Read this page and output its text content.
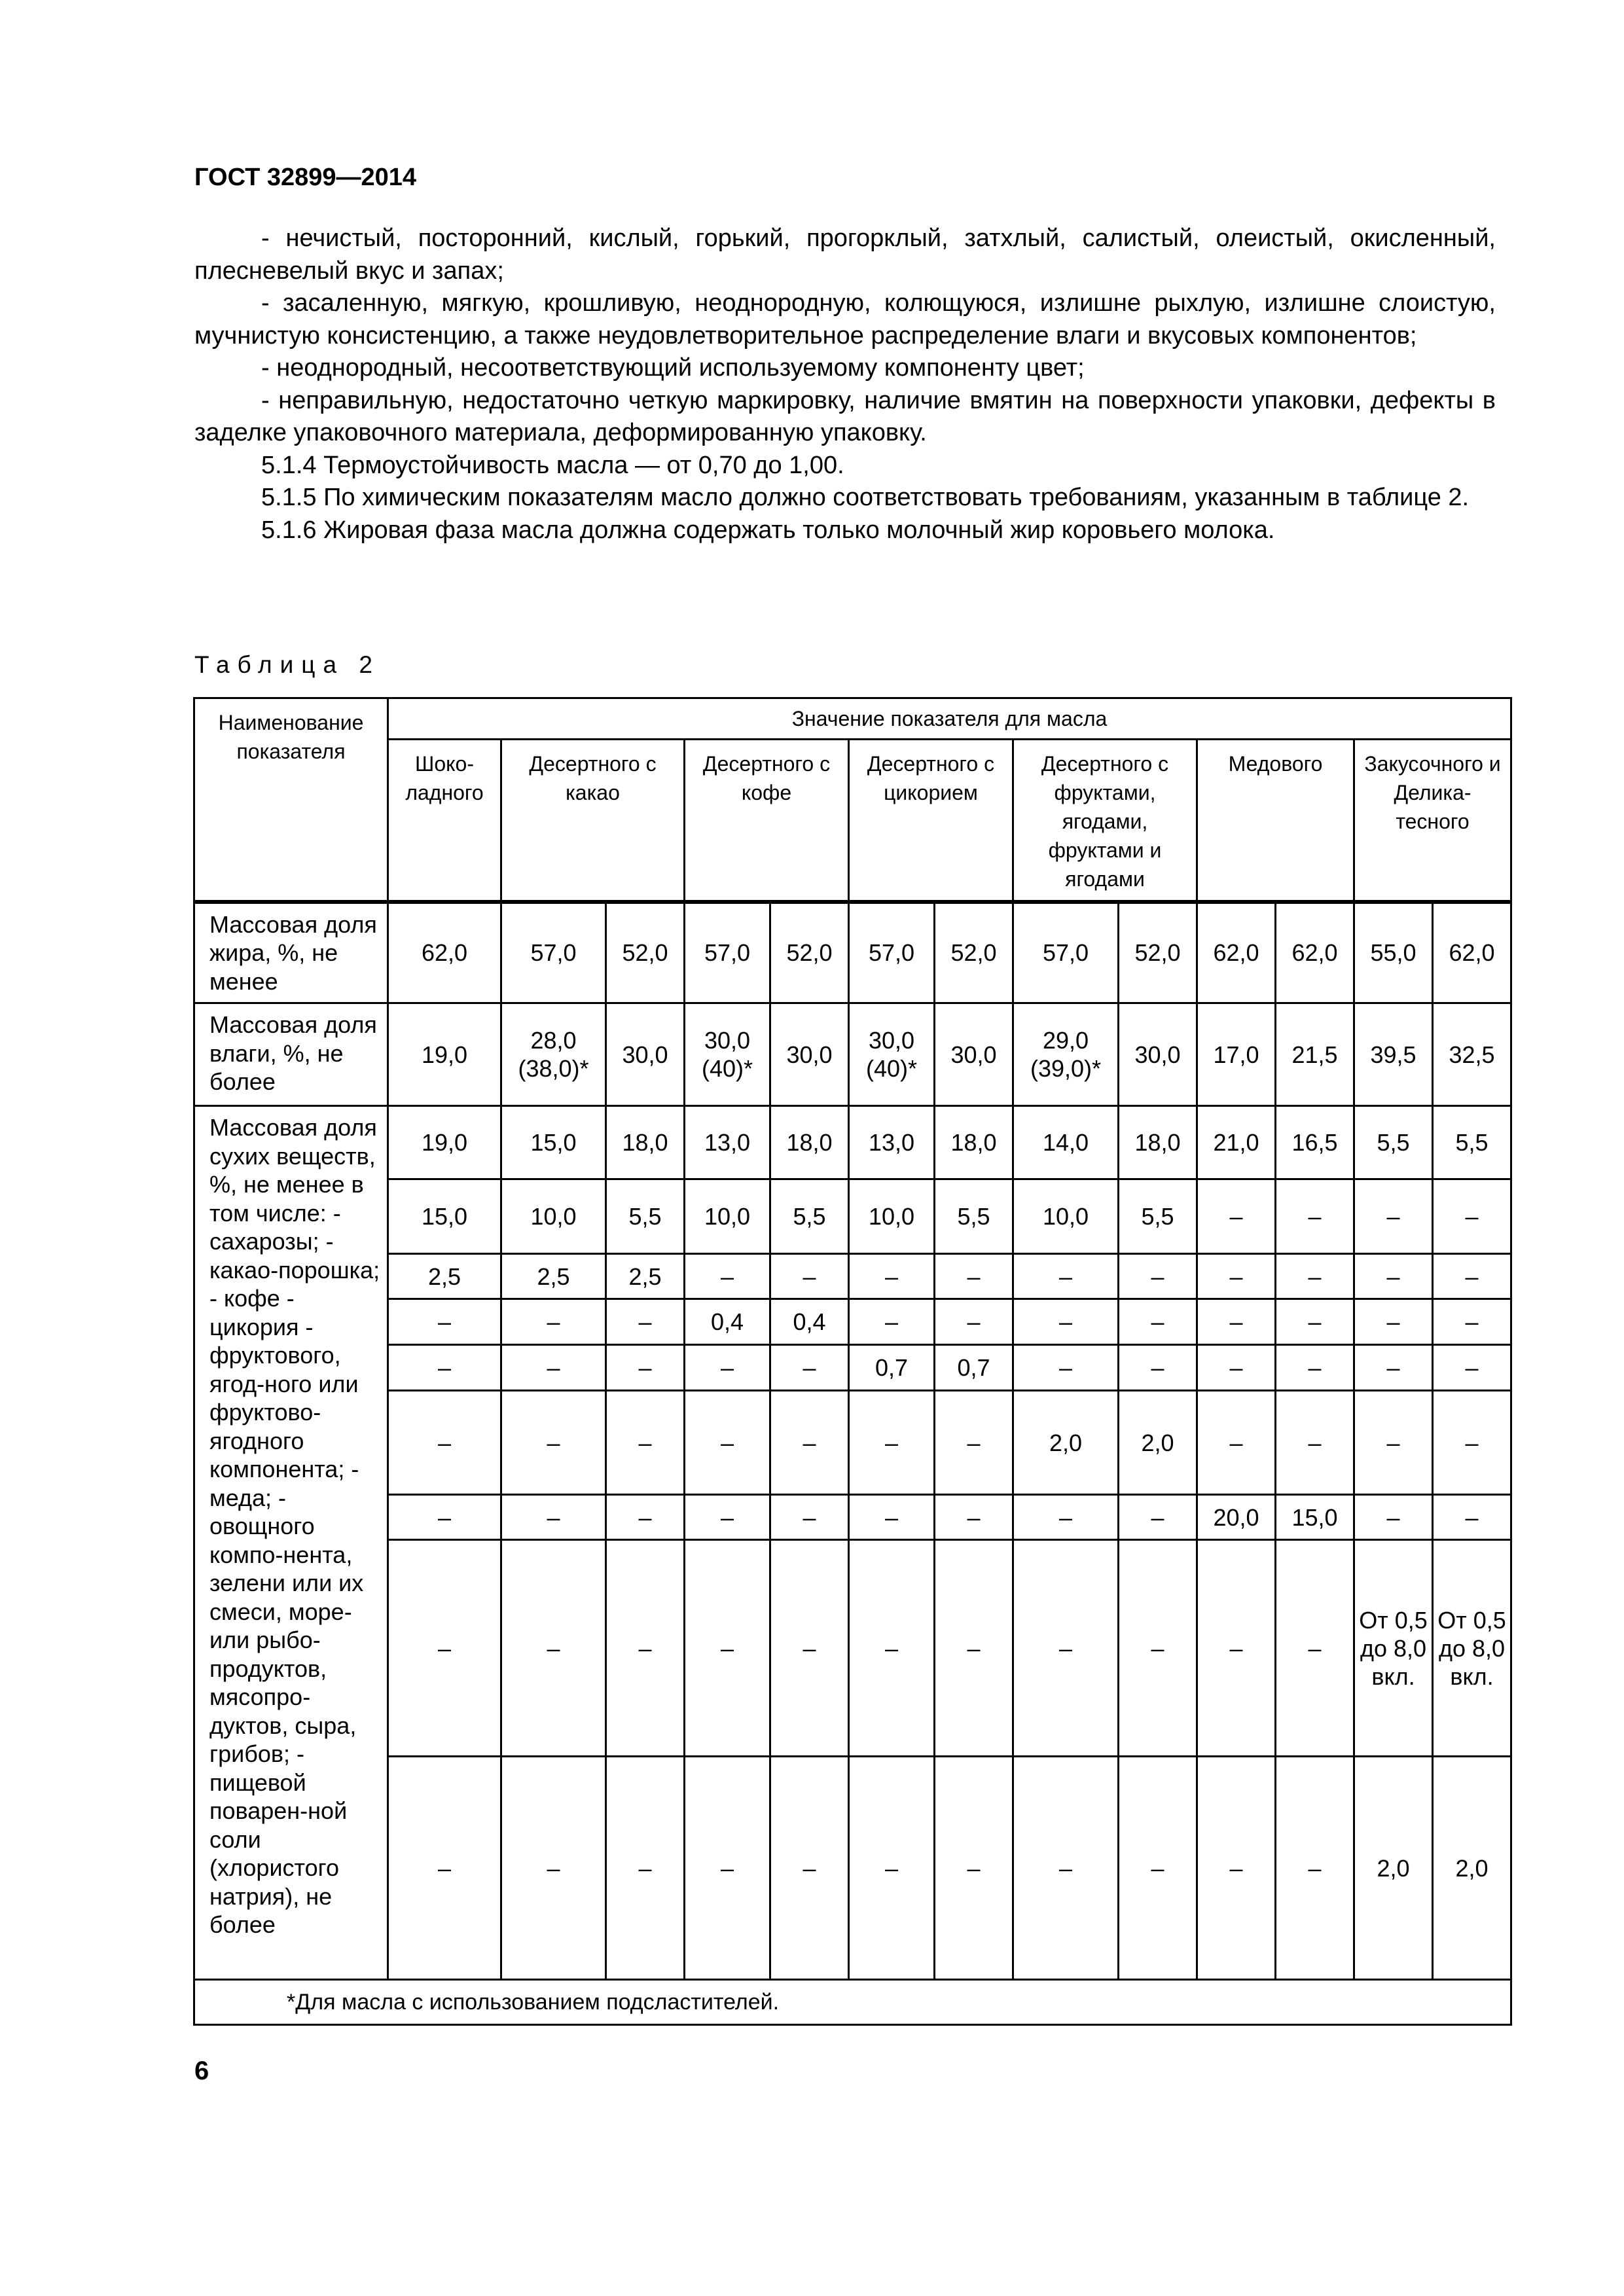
ГОСТ 32899—2014

- нечистый, посторонний, кислый, горький, прогорклый, затхлый, салистый, олеистый, окисленный, плесневелый вкус и запах;

- засаленную, мягкую, крошливую, неоднородную, колющуюся, излишне рыхлую, излишне слоистую, мучнистую консистенцию, а также неудовлетворительное распределение влаги и вкусовых компонентов;

- неоднородный, несоответствующий используемому компоненту цвет;

- неправильную, недостаточно четкую маркировку, наличие вмятин на поверхности упаковки, дефекты в заделке упаковочного материала, деформированную упаковку.

5.1.4 Термоустойчивость масла — от 0,70 до 1,00.

5.1.5 По химическим показателям масло должно соответствовать требованиям, указанным в таблице 2.

5.1.6 Жировая фаза масла должна содержать только молочный жир коровьего молока.

Таблица 2
Наименование показателя	Значение показателя для масла												
	Шоко-ладного	Десертного с какао		Десертного с кофе		Десертного с цикорием		Десертного с фруктами, ягодами, фруктами и ягодами		Медового		Закусочного и Делика-тесного	
Массовая доля жира, %, не менее	62,0	57,0	52,0	57,0	52,0	57,0	52,0	57,0	52,0	62,0	62,0	55,0	62,0
Массовая доля влаги, %, не более	19,0	28,0 (38,0)*	30,0	30,0 (40)*	30,0	30,0 (40)*	30,0	29,0 (39,0)*	30,0	17,0	21,5	39,5	32,5
Массовая доля сухих веществ, %, не менее в том числе: - сахарозы; - какао-порошка; - кофе - цикория - фруктового, ягод-ного или фруктово-ягодного компонента; - меда; - овощного компо-нента, зелени или их смеси, море- или рыбо-продуктов, мясопро-дуктов, сыра, грибов; - пищевой поварен-ной соли (хлористого натрия), не более	19,0	15,0	18,0	13,0	18,0	13,0	18,0	14,0	18,0	21,0	16,5	5,5	5,5
	15,0	10,0	5,5	10,0	5,5	10,0	5,5	10,0	5,5	–	–	–	–
	2,5	2,5	2,5	–	–	–	–	–	–	–	–	–	–
	–	–	–	0,4	0,4	–	–	–	–	–	–	–	–
	–	–	–	–	–	0,7	0,7	–	–	–	–	–	–
	–	–	–	–	–	–	–	2,0	2,0	–	–	–	–
	–	–	–	–	–	–	–	–	–	20,0	15,0	–	–
	–	–	–	–	–	–	–	–	–	–	–	От 0,5 до 8,0 вкл.	От 0,5 до 8,0 вкл.
	–	–	–	–	–	–	–	–	–	–	–	2,0	2,0
*Для масла с использованием подсластителей.													
6
